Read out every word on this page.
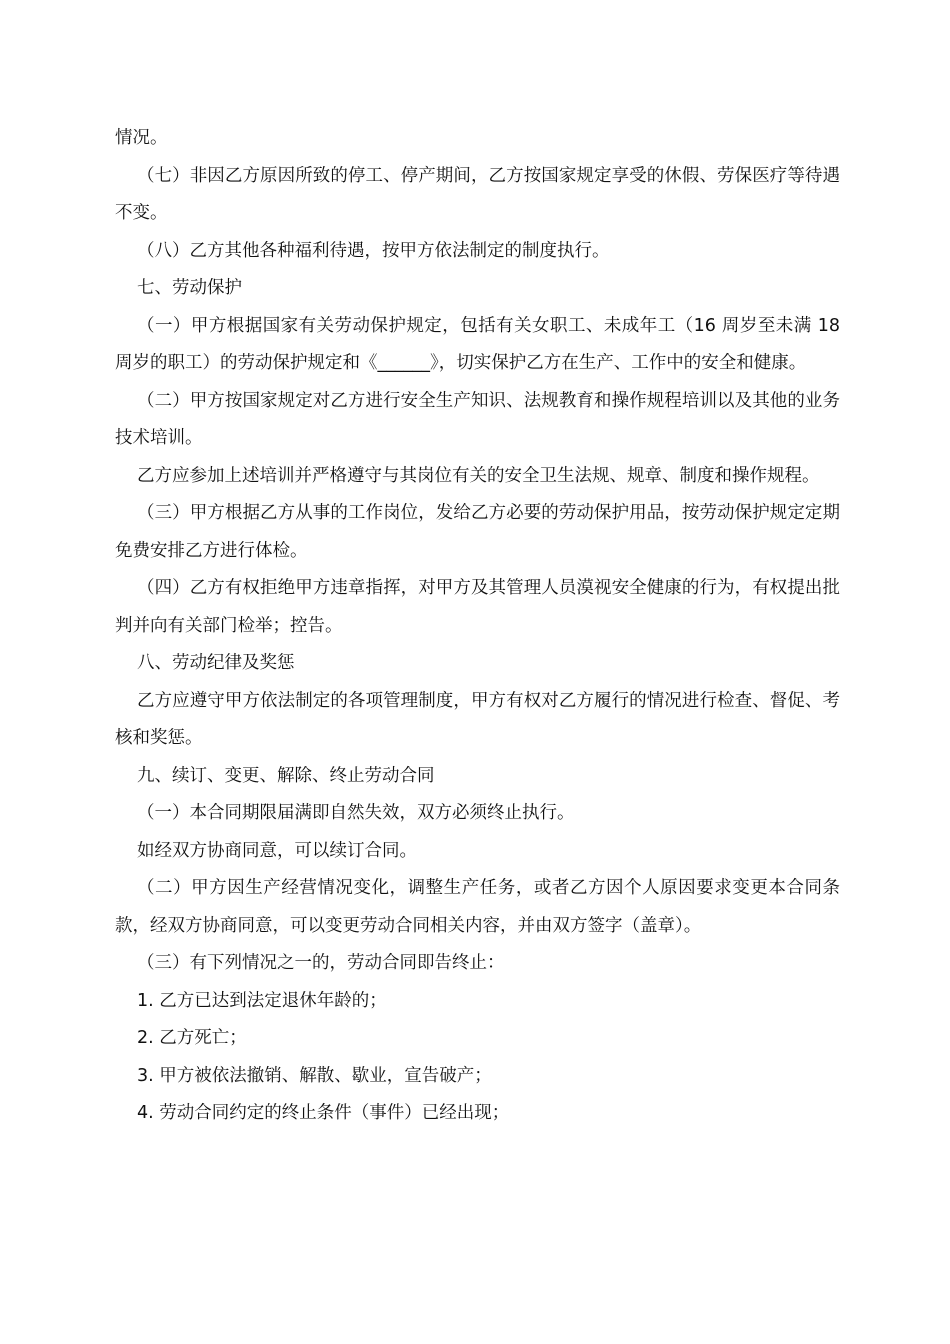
情况。

（七）非因乙方原因所致的停工、停产期间，乙方按国家规定享受的休假、劳保医疗等待遇不变。

（八）乙方其他各种福利待遇，按甲方依法制定的制度执行。

七、劳动保护

（一）甲方根据国家有关劳动保护规定，包括有关女职工、未成年工（16 周岁至未满 18 周岁的职工）的劳动保护规定和《______》，切实保护乙方在生产、工作中的安全和健康。

（二）甲方按国家规定对乙方进行安全生产知识、法规教育和操作规程培训以及其他的业务技术培训。

乙方应参加上述培训并严格遵守与其岗位有关的安全卫生法规、规章、制度和操作规程。

（三）甲方根据乙方从事的工作岗位，发给乙方必要的劳动保护用品，按劳动保护规定定期免费安排乙方进行体检。

（四）乙方有权拒绝甲方违章指挥，对甲方及其管理人员漠视安全健康的行为，有权提出批判并向有关部门检举；控告。

八、劳动纪律及奖惩

乙方应遵守甲方依法制定的各项管理制度，甲方有权对乙方履行的情况进行检查、督促、考核和奖惩。

九、续订、变更、解除、终止劳动合同

（一）本合同期限届满即自然失效，双方必须终止执行。

如经双方协商同意，可以续订合同。

（二）甲方因生产经营情况变化，调整生产任务，或者乙方因个人原因要求变更本合同条款，经双方协商同意，可以变更劳动合同相关内容，并由双方签字（盖章）。

（三）有下列情况之一的，劳动合同即告终止：

1. 乙方已达到法定退休年龄的；

2. 乙方死亡；

3. 甲方被依法撤销、解散、歇业，宣告破产；

4. 劳动合同约定的终止条件（事件）已经出现；
